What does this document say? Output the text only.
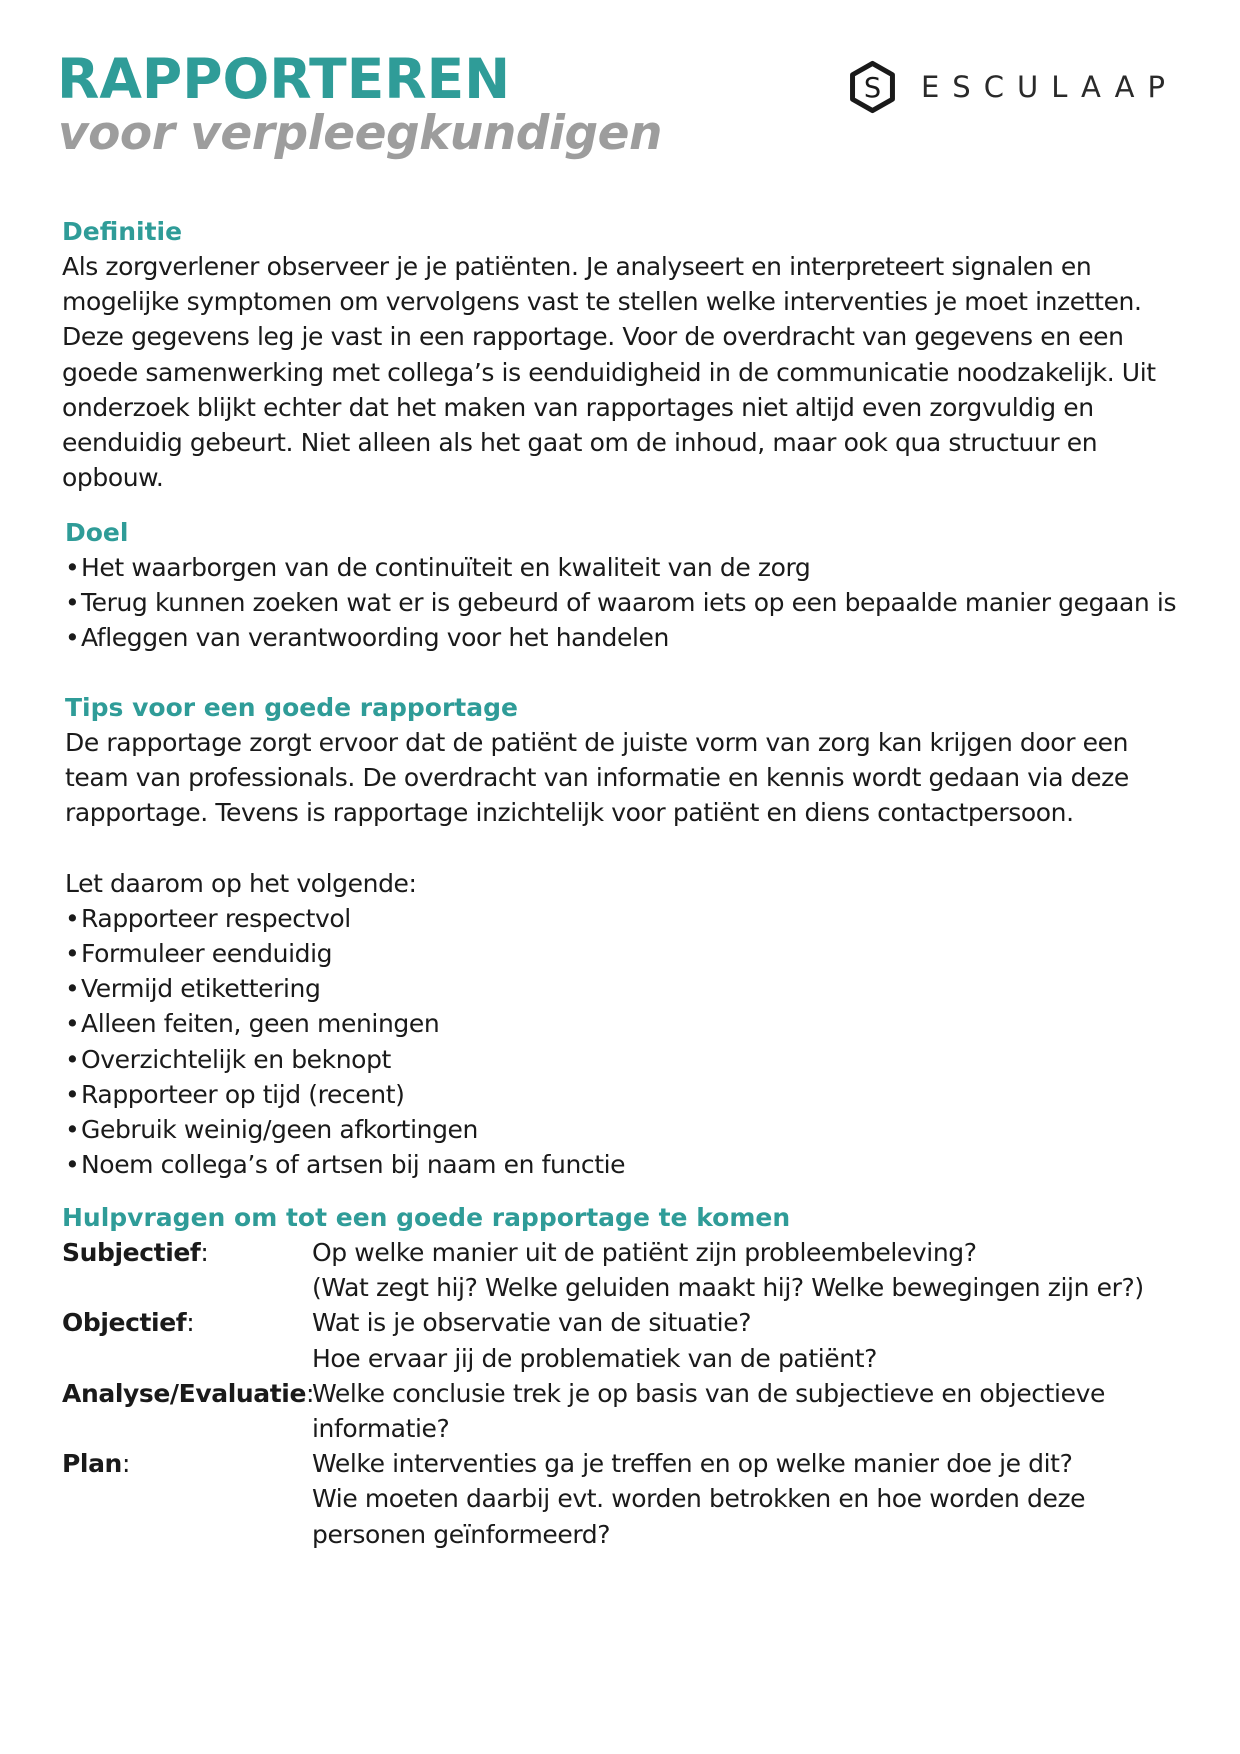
RAPPORTEREN
voor verpleegkundigen
S ESCULAAP
Definitie

Als zorgverlener observeer je je patiënten. Je analyseert en interpreteert signalen en
mogelijke symptomen om vervolgens vast te stellen welke interventies je moet inzetten.
Deze gegevens leg je vast in een rapportage. Voor de overdracht van gegevens en een
goede samenwerking met collega’s is eenduidigheid in de communicatie noodzakelijk. Uit
onderzoek blijkt echter dat het maken van rapportages niet altijd even zorgvuldig en
eenduidig gebeurt. Niet alleen als het gaat om de inhoud, maar ook qua structuur en
opbouw.

Doel
•Het waarborgen van de continuïteit en kwaliteit van de zorg
•Terug kunnen zoeken wat er is gebeurd of waarom iets op een bepaalde manier gegaan is
•Afleggen van verantwoording voor het handelen
Tips voor een goede rapportage

De rapportage zorgt ervoor dat de patiënt de juiste vorm van zorg kan krijgen door een
team van professionals. De overdracht van informatie en kennis wordt gedaan via deze
rapportage. Tevens is rapportage inzichtelijk voor patiënt en diens contactpersoon.

Let daarom op het volgende:

•Rapporteer respectvol
•Formuleer eenduidig
•Vermijd etikettering
•Alleen feiten, geen meningen
•Overzichtelijk en beknopt
•Rapporteer op tijd (recent)
•Gebruik weinig/geen afkortingen
•Noem collega’s of artsen bij naam en functie
Hulpvragen om tot een goede rapportage te komen
Subjectief:	Op welke manier uit de patiënt zijn probleembeleving?
(Wat zegt hij? Welke geluiden maakt hij? Welke bewegingen zijn er?)
Objectief:	Wat is je observatie van de situatie?
Hoe ervaar jij de problematiek van de patiënt?
Analyse/Evaluatie:
Welke conclusie trek je op basis van de subjectieve en objectieve
informatie?
Plan:	Welke interventies ga je treffen en op welke manier doe je dit?
Wie moeten daarbij evt. worden betrokken en hoe worden deze
personen geïnformeerd?
